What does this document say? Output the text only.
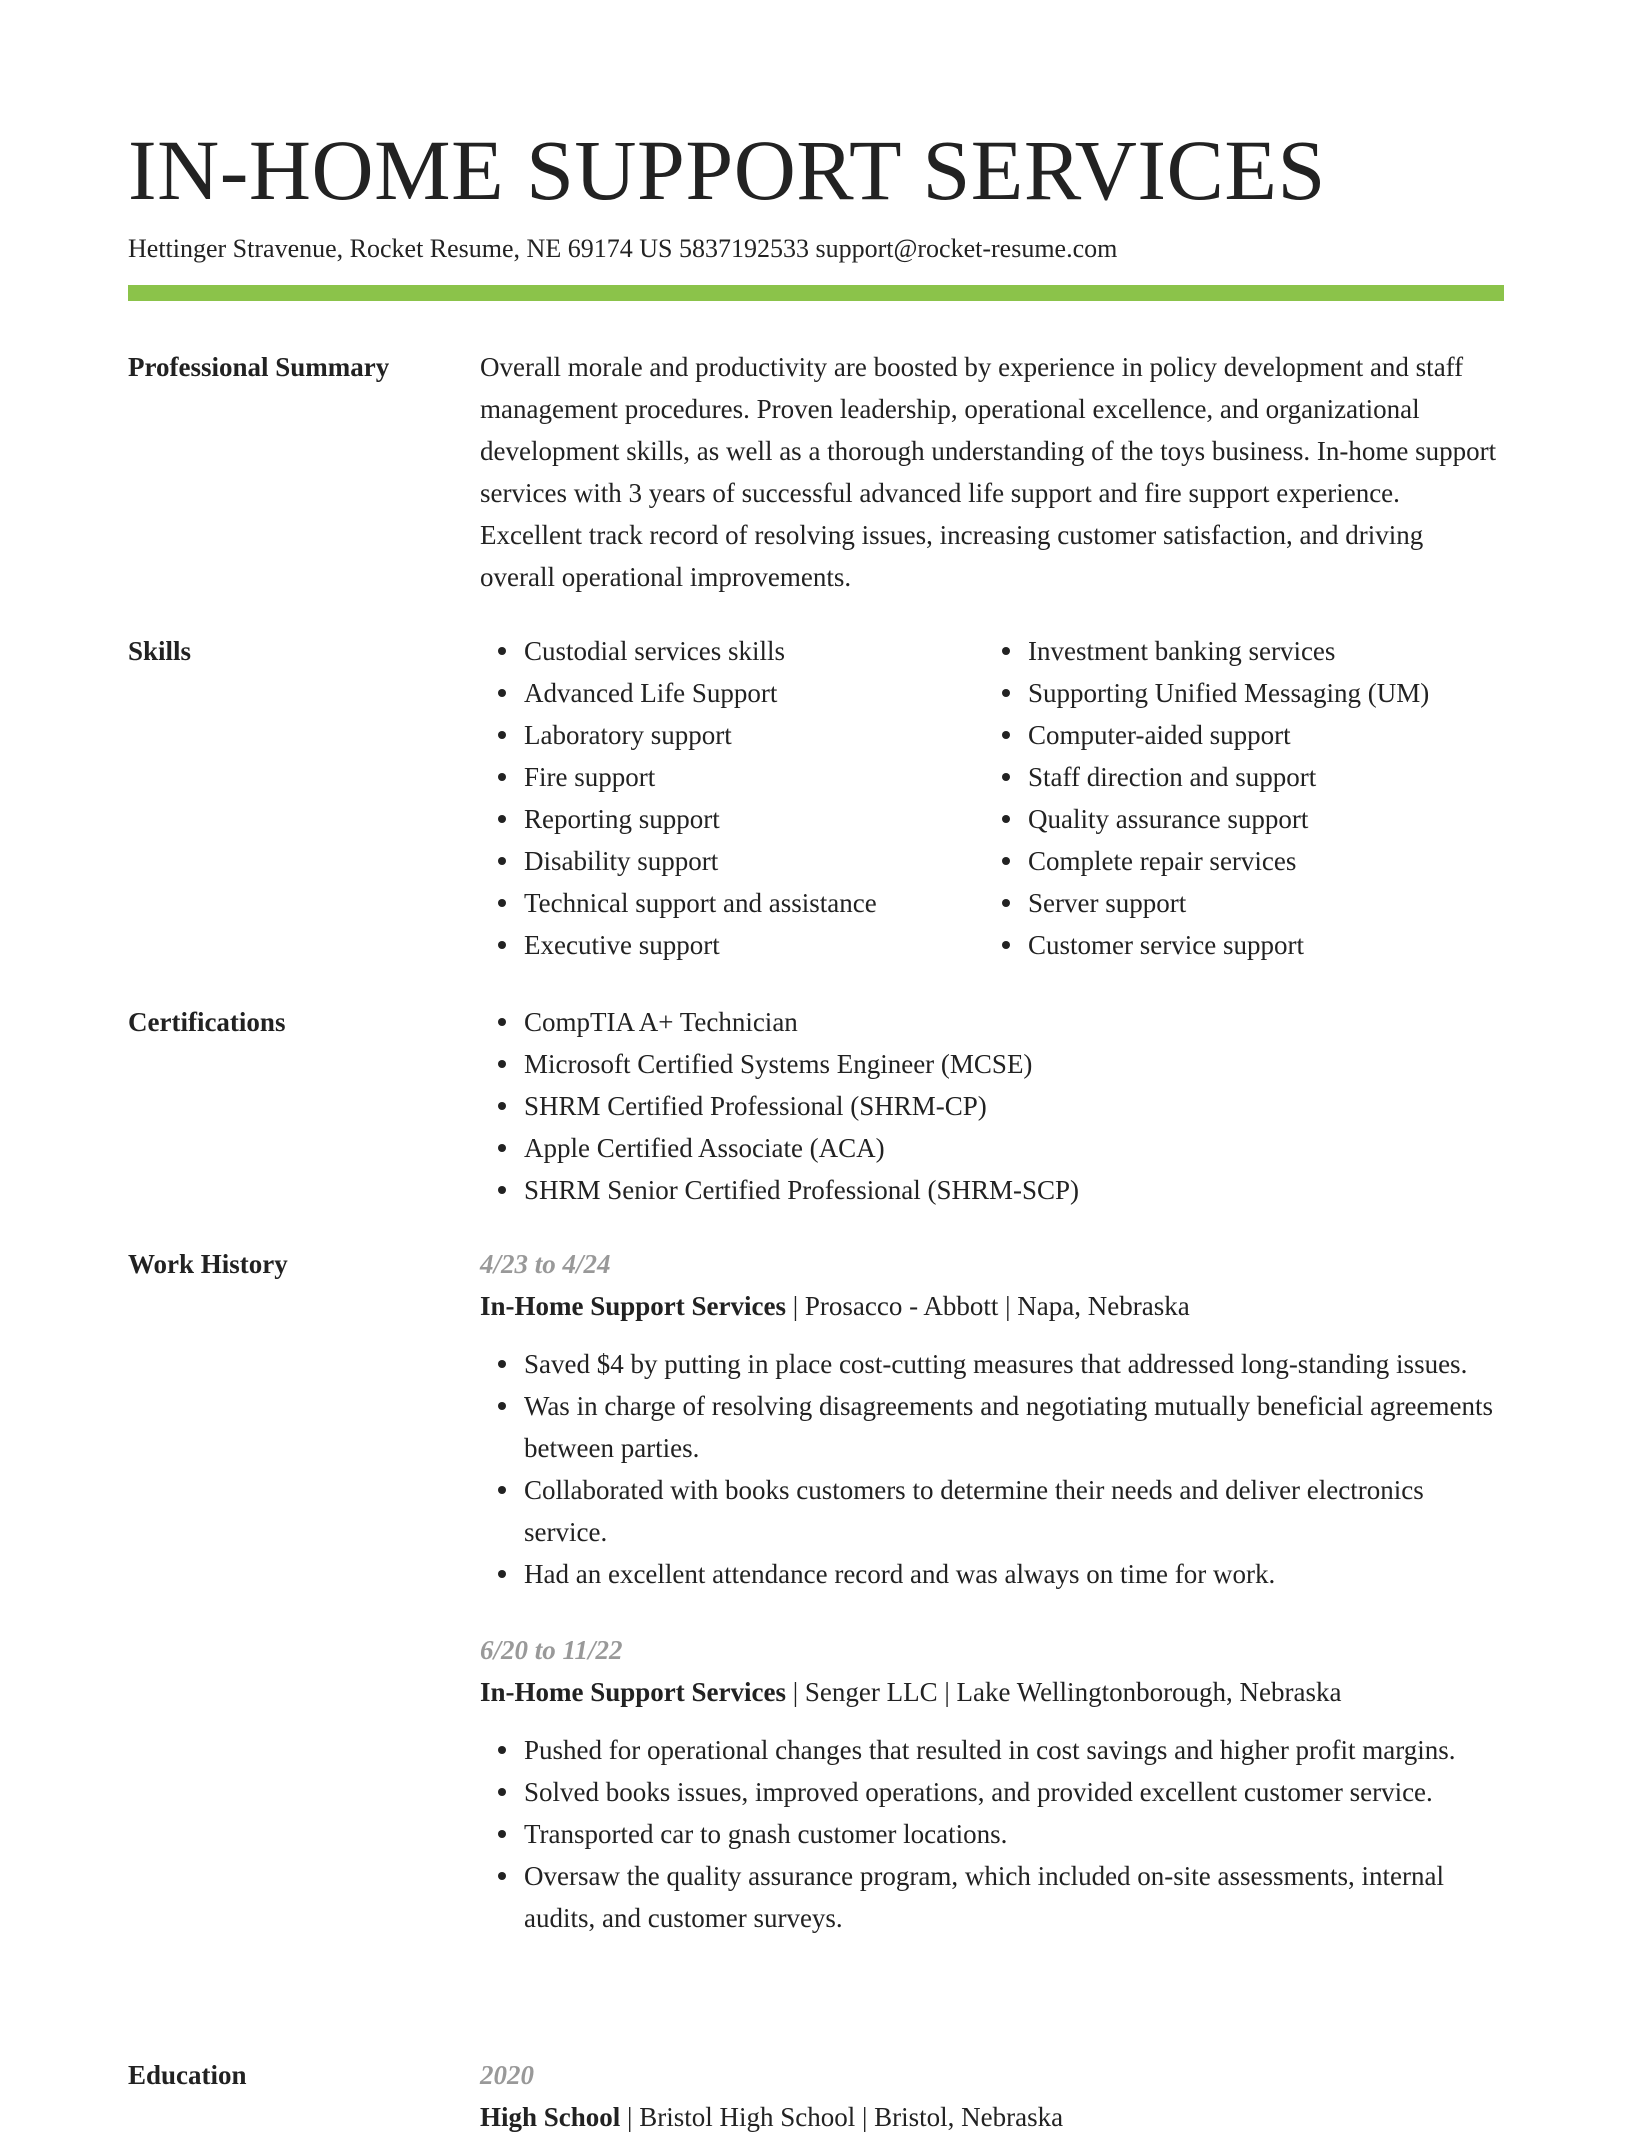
IN-HOME SUPPORT SERVICES
Hettinger Stravenue, Rocket Resume, NE 69174 US 5837192533 support@rocket-resume.com
Professional Summary	Overall morale and productivity are boosted by experience in policy development and staff management procedures. Proven leadership, operational excellence, and organizational development skills, as well as a thorough understanding of the toys business. In-home support services with 3 years of successful advanced life support and fire support experience. Excellent track record of resolving issues, increasing customer satisfaction, and driving overall operational improvements.

Skills	Custodial services skills
Advanced Life Support
Laboratory support
Fire support
Reporting support
Disability support
Technical support and assistance
Executive support
Investment banking services
Supporting Unified Messaging (UM)
Computer-aided support
Staff direction and support
Quality assurance support
Complete repair services
Server support
Customer service support
Certifications	CompTIA A+ Technician
Microsoft Certified Systems Engineer (MCSE)
SHRM Certified Professional (SHRM-CP)
Apple Certified Associate (ACA)
SHRM Senior Certified Professional (SHRM-SCP)
Work History	4/23 to 4/24
In-Home Support Services | Prosacco - Abbott | Napa, Nebraska
Saved $4 by putting in place cost-cutting measures that addressed long-standing issues.
Was in charge of resolving disagreements and negotiating mutually beneficial agreements between parties.
Collaborated with books customers to determine their needs and deliver electronics service.
Had an excellent attendance record and was always on time for work.
6/20 to 11/22
In-Home Support Services | Senger LLC | Lake Wellingtonborough, Nebraska
Pushed for operational changes that resulted in cost savings and higher profit margins.
Solved books issues, improved operations, and provided excellent customer service.
Transported car to gnash customer locations.
Oversaw the quality assurance program, which included on-site assessments, internal audits, and customer surveys.
Education	2020
High School | Bristol High School | Bristol, Nebraska
